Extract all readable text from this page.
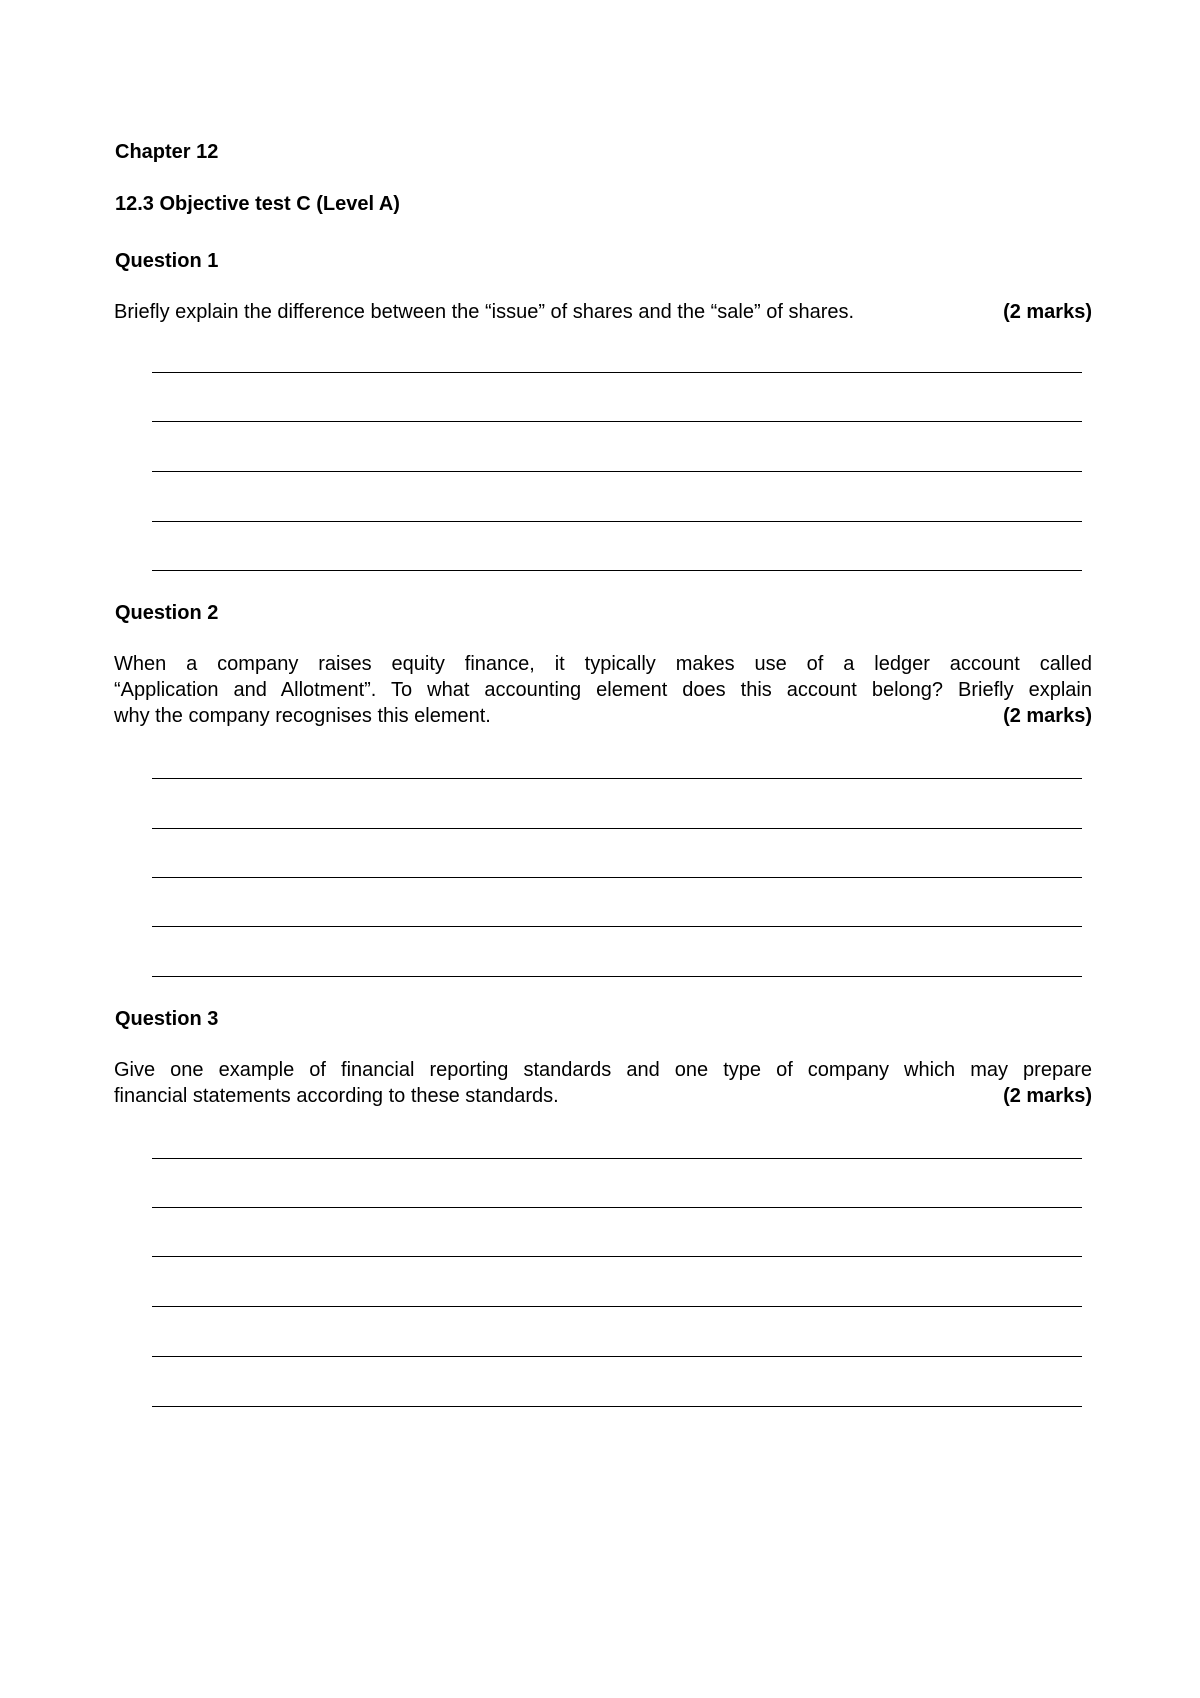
Chapter 12
12.3 Objective test C (Level A)
Question 1
Briefly explain the difference between the “issue” of shares and the “sale” of shares.	(2 marks)
Question 2
When a company raises equity finance, it typically makes use of a ledger account called
“Application and Allotment”. To what accounting element does this account belong? Briefly explain
why the company recognises this element.	(2 marks)
Question 3
Give one example of financial reporting standards and one type of company which may prepare
financial statements according to these standards.	(2 marks)
